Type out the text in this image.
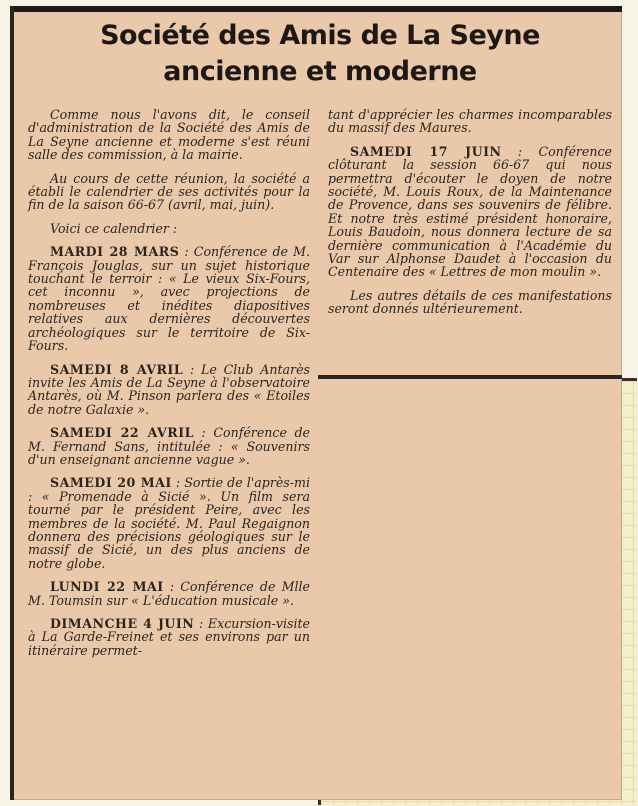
Société des Amis de La Seyne
ancienne et moderne

Comme nous l'avons dit, le conseil d'administration de la Société des Amis de La Seyne ancienne et moderne s'est réuni salle des commission, à la mairie.

Au cours de cette réunion, la société a établi le calendrier de ses activités pour la fin de la saison 66-67 (avril, mai, juin).

Voici ce calendrier :

MARDI 28 MARS : Conférence de M. François Jouglas, sur un sujet historique touchant le terroir : « Le vieux Six-Fours, cet inconnu », avec projections de nombreuses et inédites diapositives relatives aux dernières découvertes archéologiques sur le territoire de Six-Fours.

SAMEDI 8 AVRIL : Le Club Antarès invite les Amis de La Seyne à l'observatoire Antarès, où M. Pinson parlera des « Etoiles de notre Galaxie ».

SAMEDI 22 AVRIL : Conférence de M. Fernand Sans, intitulée : « Souvenirs d'un enseignant ancienne vague ».

SAMEDI 20 MAI : Sortie de l'après-mi : « Promenade à Sicié ». Un film sera tourné par le président Peire, avec les membres de la société. M. Paul Regaignon donnera des précisions géologiques sur le massif de Sicié, un des plus anciens de notre globe.

LUNDI 22 MAI : Conférence de Mlle M. Toumsin sur « L'éducation musicale ».

DIMANCHE 4 JUIN : Excursion-visite à La Garde-Freinet et ses environs par un itinéraire permet-

tant d'apprécier les charmes incomparables du massif des Maures.

SAMEDI 17 JUIN : Conférence clôturant la session 66-67 qui nous permettra d'écouter le doyen de notre société, M. Louis Roux, de la Maintenance de Provence, dans ses souvenirs de félibre. Et notre très estimé président honoraire, Louis Baudoin, nous donnera lecture de sa dernière communication à l'Académie du Var sur Alphonse Daudet à l'occasion du Centenaire des « Lettres de mon moulin ».

Les autres détails de ces manifestations seront donnés ultérieurement.
